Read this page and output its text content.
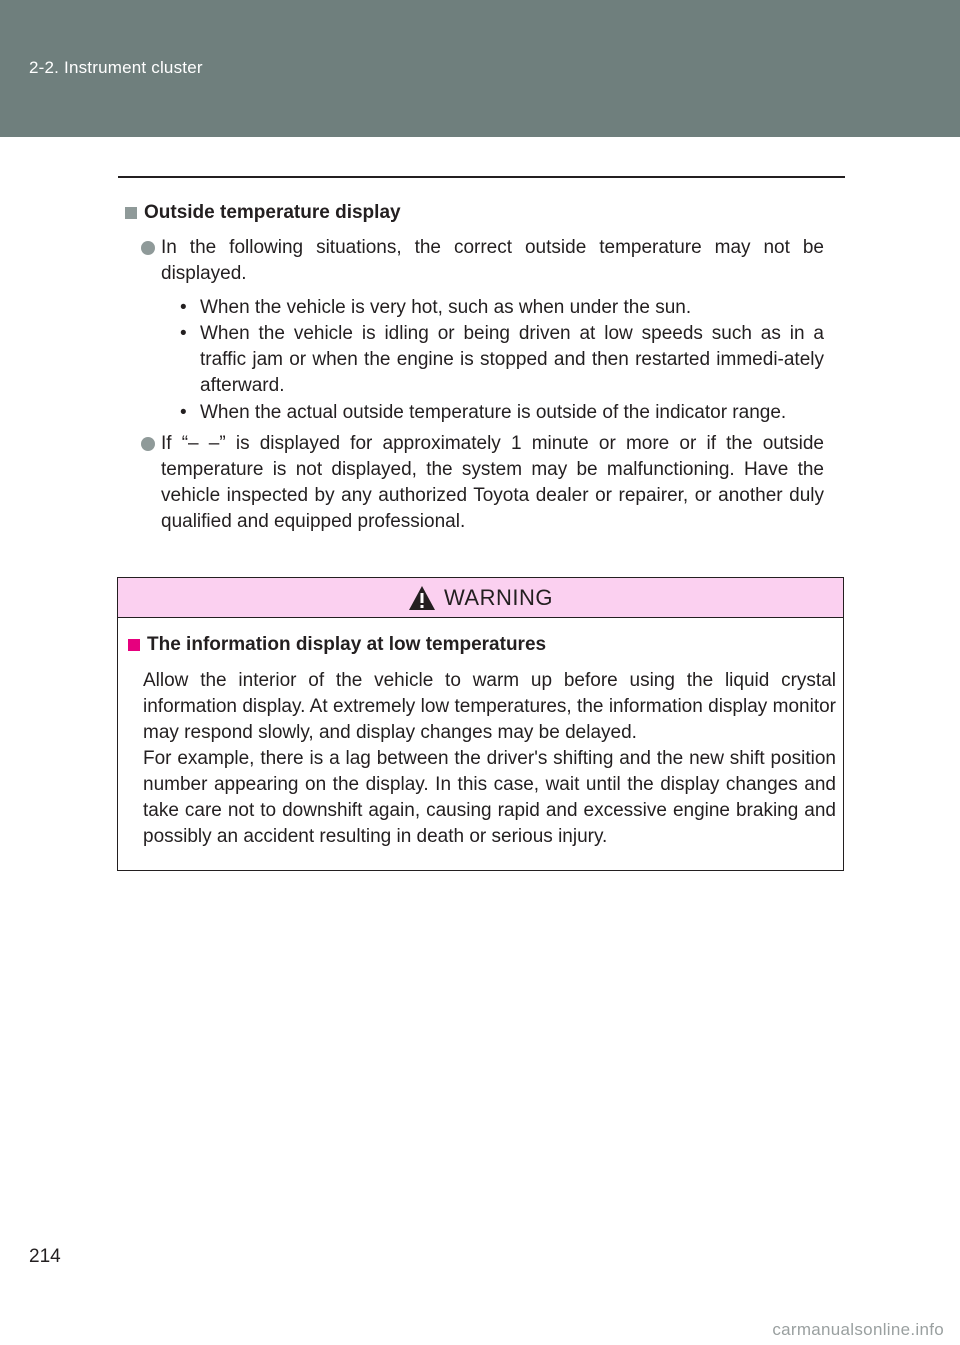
2-2. Instrument cluster
Outside temperature display
In the following situations, the correct outside temperature may not be displayed.
• When the vehicle is very hot, such as when under the sun.
• When the vehicle is idling or being driven at low speeds such as in a traffic jam or when the engine is stopped and then restarted immedi-ately afterward.
• When the actual outside temperature is outside of the indicator range.
If “– –” is displayed for approximately 1 minute or more or if the outside temperature is not displayed, the system may be malfunctioning. Have the vehicle inspected by any authorized Toyota dealer or repairer, or another duly qualified and equipped professional.
WARNING
The information display at low temperatures

Allow the interior of the vehicle to warm up before using the liquid crystal information display. At extremely low temperatures, the information display monitor may respond slowly, and display changes may be delayed.

For example, there is a lag between the driver's shifting and the new shift position number appearing on the display. In this case, wait until the display changes and take care not to downshift again, causing rapid and excessive engine braking and possibly an accident resulting in death or serious injury.

214
carmanualsonline.info
